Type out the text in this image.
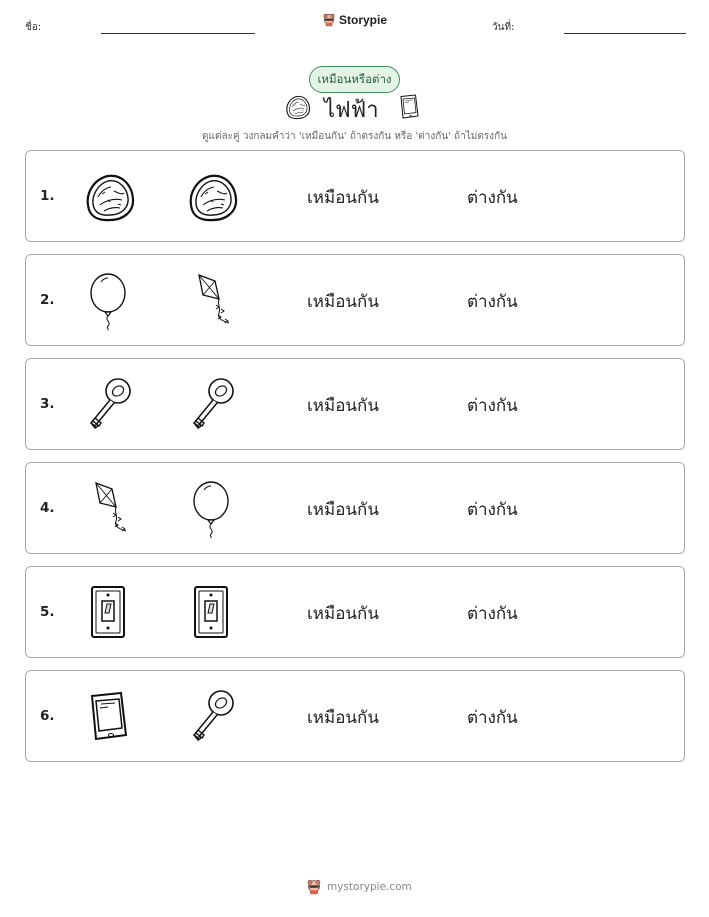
ชื่อ:
Storypie
วันที่:
เหมือนหรือต่าง
ไฟฟ้า
ดูแต่ละคู่ วงกลมคำว่า 'เหมือนกัน' ถ้าตรงกัน หรือ 'ต่างกัน' ถ้าไม่ตรงกัน
1.	เหมือนกัน	ต่างกัน
2.	เหมือนกัน	ต่างกัน
3.	เหมือนกัน	ต่างกัน
4.	เหมือนกัน	ต่างกัน
5.	เหมือนกัน	ต่างกัน
6.	เหมือนกัน	ต่างกัน
mystorypie.com
